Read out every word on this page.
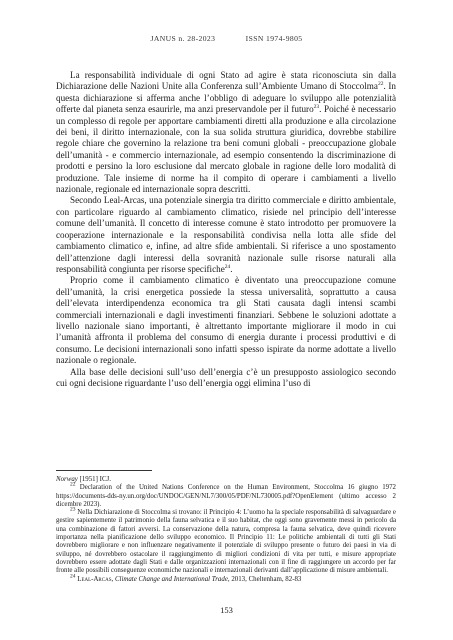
JANUS n. 28-2023	ISSN 1974-9805

La responsabilità individuale di ogni Stato ad agire è stata riconosciuta sin dalla Dichiarazione delle Nazioni Unite alla Conferenza sull’Ambiente Umano di Stoccolma$^{22}$. In questa dichiarazione si afferma anche l’obbligo di adeguare lo sviluppo alle potenzialità offerte dal pianeta senza esaurirle, ma anzi preservandole per il futuro$^{23}$. Poiché è necessario un complesso di regole per apportare cambiamenti diretti alla produzione e alla circolazione dei beni, il diritto internazionale, con la sua solida struttura giuridica, dovrebbe stabilire regole chiare che governino la relazione tra beni comuni globali - preoccupazione globale dell’umanità - e commercio internazionale, ad esempio consentendo la discriminazione di prodotti e persino la loro esclusione dal mercato globale in ragione delle loro modalità di produzione. Tale insieme di norme ha il compito di operare i cambiamenti a livello nazionale, regionale ed internazionale sopra descritti.

Secondo Leal-Arcas, una potenziale sinergia tra diritto commerciale e diritto ambientale, con particolare riguardo al cambiamento climatico, risiede nel principio dell’interesse comune dell’umanità. Il concetto di interesse comune è stato introdotto per promuovere la cooperazione internazionale e la responsabilità condivisa nella lotta alle sfide del cambiamento climatico e, infine, ad altre sfide ambientali. Si riferisce a uno spostamento dell’attenzione dagli interessi della sovranità nazionale sulle risorse naturali alla responsabilità congiunta per risorse specifiche$^{24}$.

Proprio come il cambiamento climatico è diventato una preoccupazione comune dell’umanità, la crisi energetica possiede la stessa universalità, soprattutto a causa dell’elevata interdipendenza economica tra gli Stati causata dagli intensi scambi commerciali internazionali e dagli investimenti finanziari. Sebbene le soluzioni adottate a livello nazionale siano importanti, è altrettanto importante migliorare il modo in cui l’umanità affronta il problema del consumo di energia durante i processi produttivi e di consumo. Le decisioni internazionali sono infatti spesso ispirate da norme adottate a livello nazionale o regionale.

Alla base delle decisioni sull’uso dell’energia c’è un presupposto assiologico secondo cui ogni decisione riguardante l’uso dell’energia oggi elimina l’uso di

Norway [1951] ICJ.

$^{22}$ Declaration of the United Nations Conference on the Human Environment, Stoccolma 16 giugno 1972 https://documents-dds-ny.un.org/doc/UNDOC/GEN/NL7/300/05/PDF/NL730005.pdf?OpenElement (ultimo accesso 2 dicembre 2023).

$^{23}$ Nella Dichiarazione di Stoccolma si trovano: il Principio 4: L’uomo ha la speciale responsabilità di salvaguardare e gestire sapientemente il patrimonio della fauna selvatica e il suo habitat, che oggi sono gravemente messi in pericolo da una combinazione di fattori avversi. La conservazione della natura, compresa la fauna selvatica, deve quindi ricevere importanza nella pianificazione dello sviluppo economico. Il Principio 11: Le politiche ambientali di tutti gli Stati dovrebbero migliorare e non influenzare negativamente il potenziale di sviluppo presente o futuro dei paesi in via di sviluppo, né dovrebbero ostacolare il raggiungimento di migliori condizioni di vita per tutti, e misure appropriate dovrebbero essere adottate dagli Stati e dalle organizzazioni internazionali con il fine di raggiungere un accordo per far fronte alle possibili conseguenze economiche nazionali e internazionali derivanti dall’applicazione di misure ambientali.

$^{24}$ Leal-Arcas, Climate Change and International Trade, 2013, Cheltenham, 82-83

153
